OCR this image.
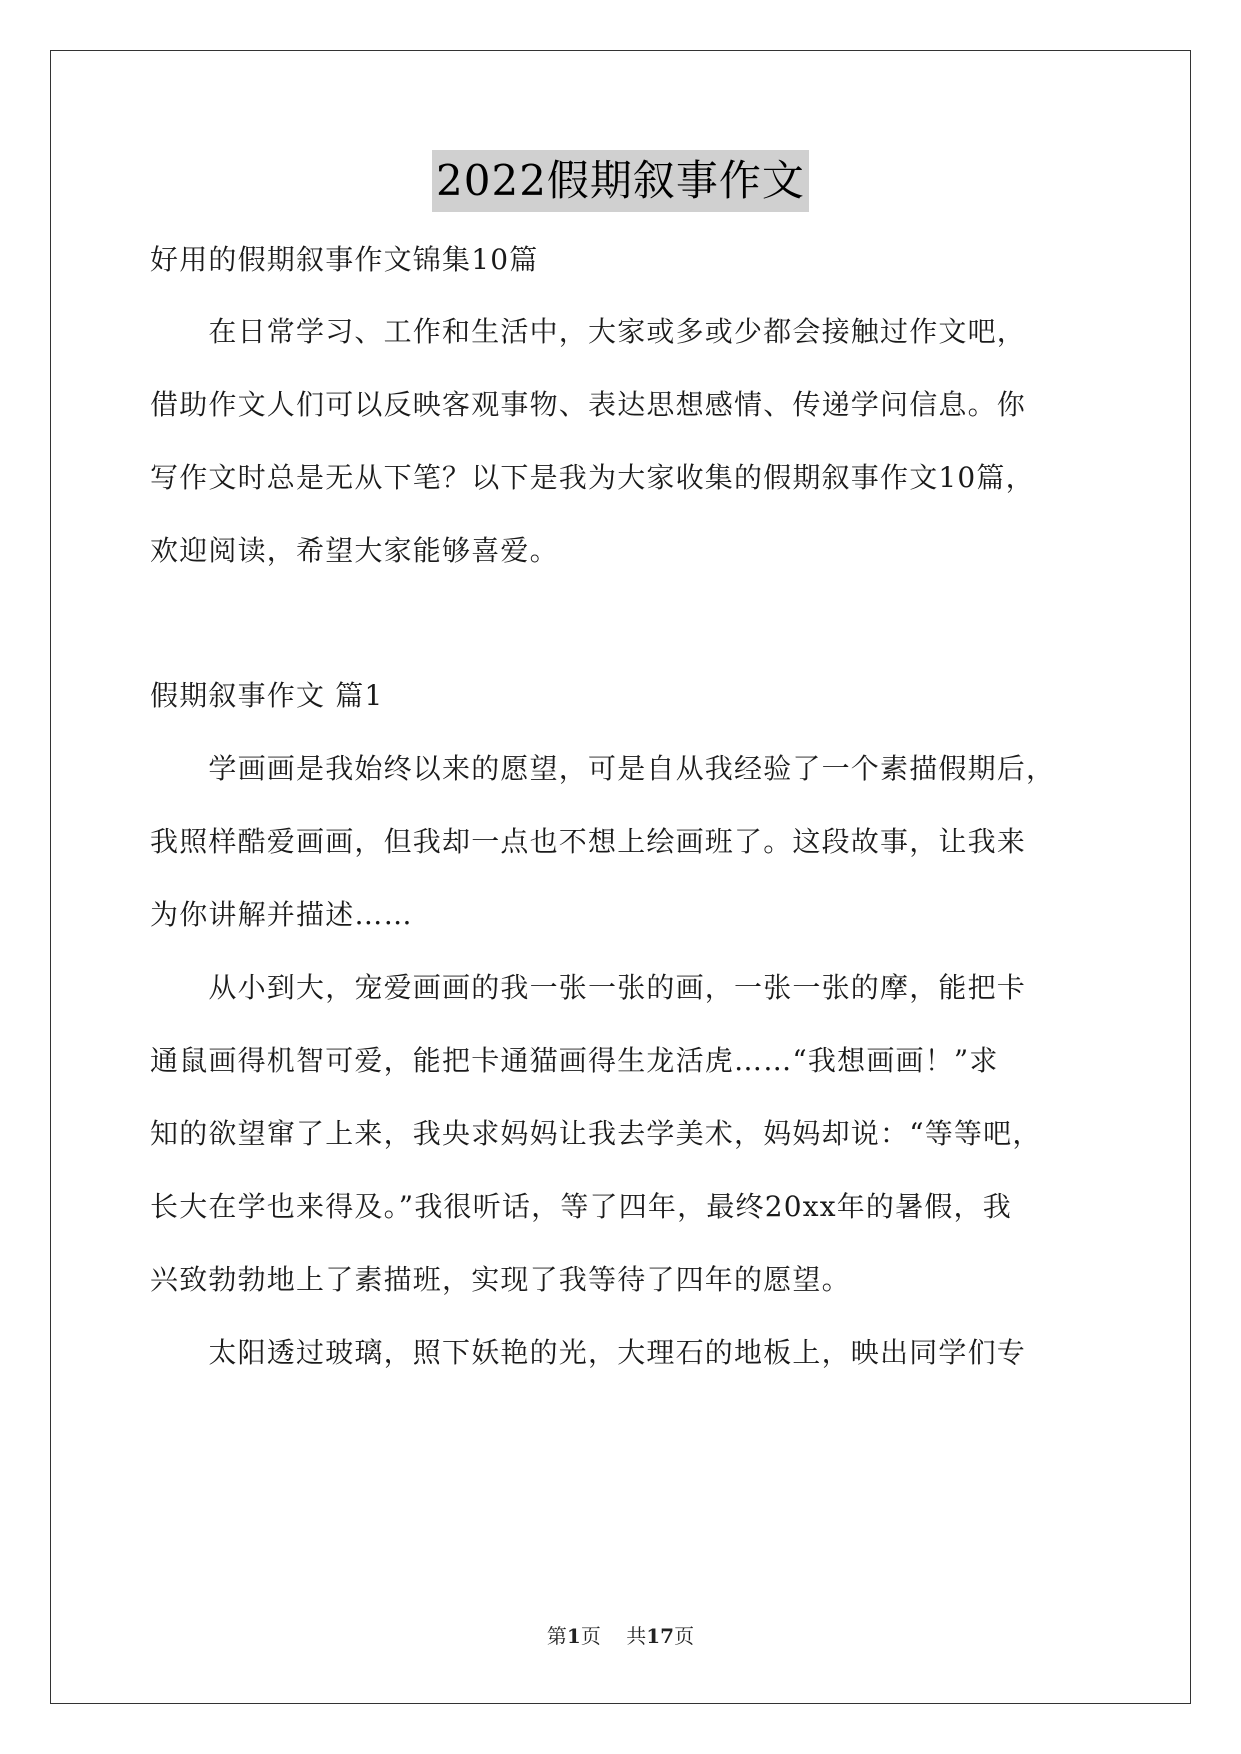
2022假期叙事作文
好用的假期叙事作文锦集10篇
　　在日常学习、工作和生活中，大家或多或少都会接触过作文吧，
借助作文人们可以反映客观事物、表达思想感情、传递学问信息。你
写作文时总是无从下笔？以下是我为大家收集的假期叙事作文10篇，
欢迎阅读，希望大家能够喜爱。
假期叙事作文 篇1
　　学画画是我始终以来的愿望，可是自从我经验了一个素描假期后，
我照样酷爱画画，但我却一点也不想上绘画班了。这段故事，让我来
为你讲解并描述……
　　从小到大，宠爱画画的我一张一张的画，一张一张的摩，能把卡
通鼠画得机智可爱，能把卡通猫画得生龙活虎……“我想画画！”求
知的欲望窜了上来，我央求妈妈让我去学美术，妈妈却说：“等等吧，
长大在学也来得及。”我很听话，等了四年，最终20xx年的暑假，我
兴致勃勃地上了素描班，实现了我等待了四年的愿望。
　　太阳透过玻璃，照下妖艳的光，大理石的地板上，映出同学们专
第1页 共17页
